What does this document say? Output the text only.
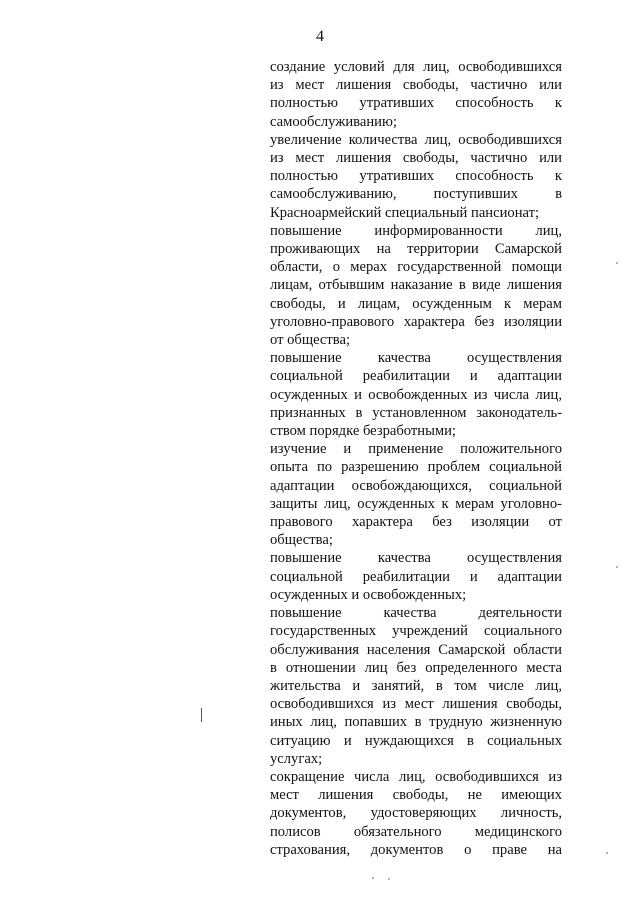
4
создание условий для лиц, освободившихся
из мест лишения свободы, частично или
полностью утративших способность к
самообслуживанию;
увеличение количества лиц, освободившихся
из мест лишения свободы, частично или
полностью утративших способность к
самообслуживанию, поступивших в
Красноармейский специальный пансионат;
повышение информированности лиц,
проживающих на территории Самарской
области, о мерах государственной помощи
лицам, отбывшим наказание в виде лишения
свободы, и лицам, осужденным к мерам
уголовно-правового характера без изоляции
от общества;
повышение качества осуществления
социальной реабилитации и адаптации
осужденных и освобожденных из числа лиц,
признанных в установленном законодатель-
ством порядке безработными;
изучение и применение положительного
опыта по разрешению проблем социальной
адаптации освобождающихся, социальной
защиты лиц, осужденных к мерам уголовно-
правового характера без изоляции от
общества;
повышение качества осуществления
социальной реабилитации и адаптации
осужденных и освобожденных;
повышение качества деятельности
государственных учреждений социального
обслуживания населения Самарской области
в отношении лиц без определенного места
жительства и занятий, в том числе лиц,
освободившихся из мест лишения свободы,
иных лиц, попавших в трудную жизненную
ситуацию и нуждающихся в социальных
услугах;
сокращение числа лиц, освободившихся из
мест лишения свободы, не имеющих
документов, удостоверяющих личность,
полисов обязательного медицинского
страхования, документов о праве на
